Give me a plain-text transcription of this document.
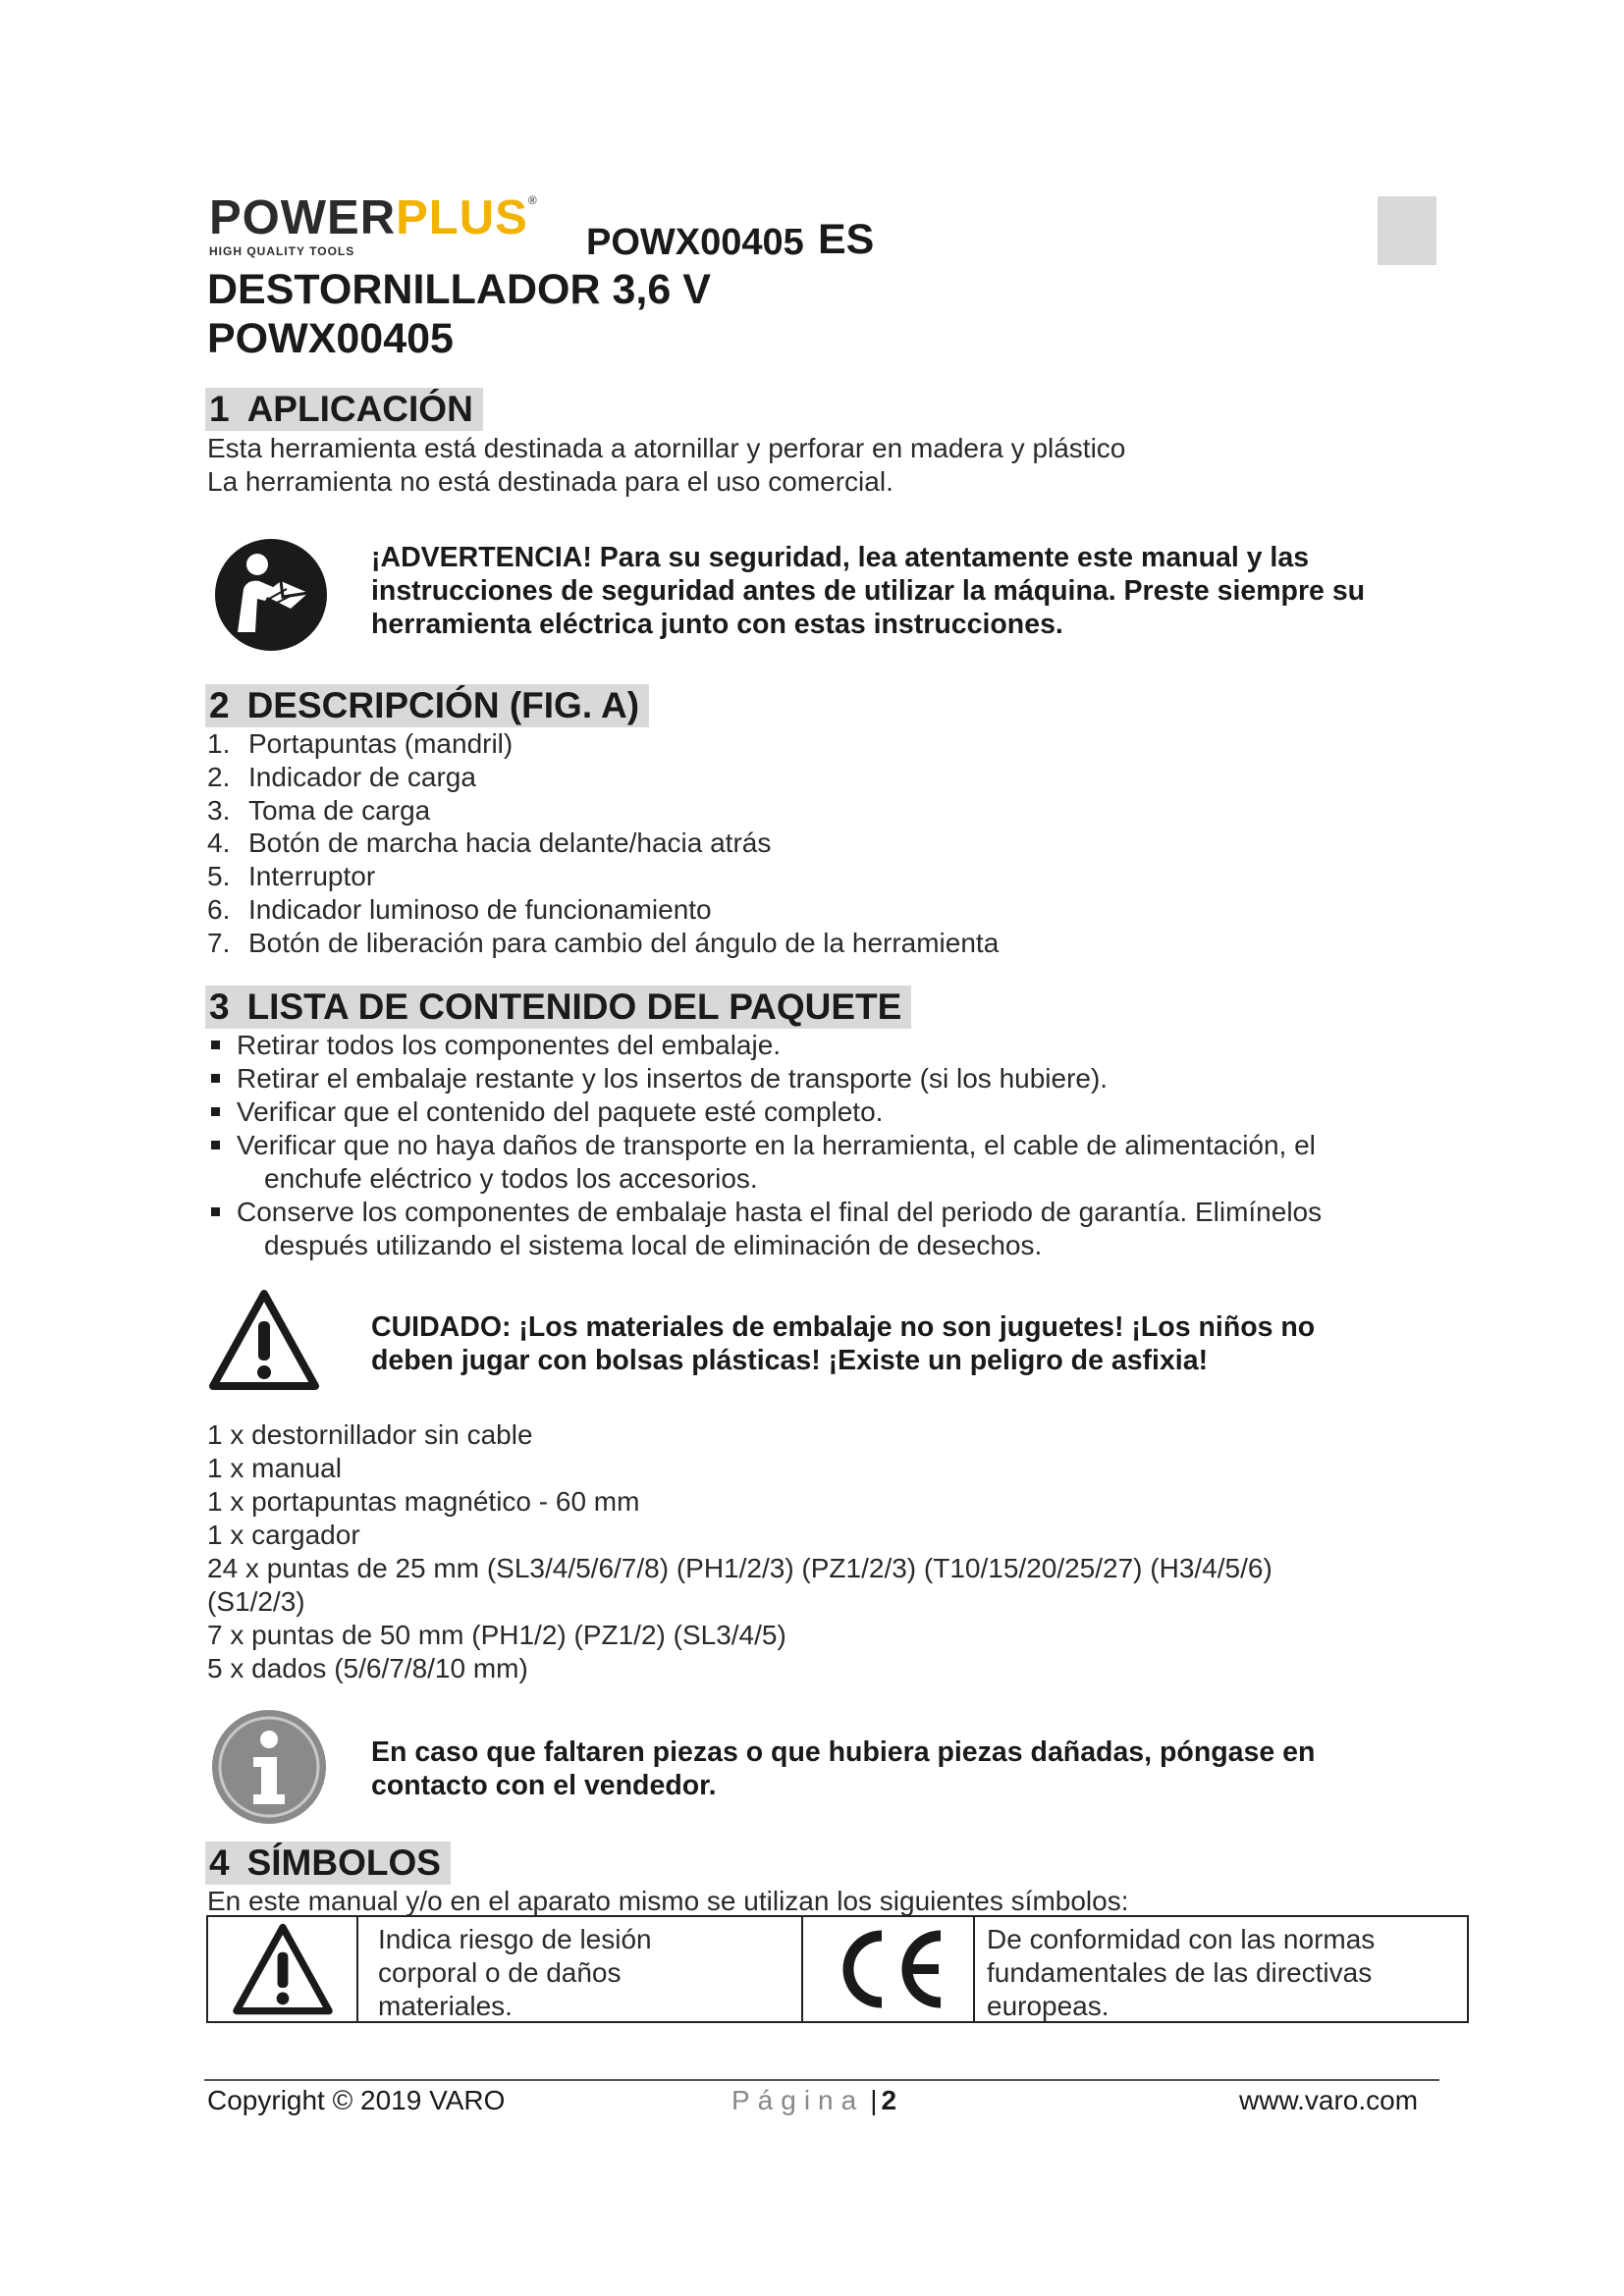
POWERPLUS®
HIGH QUALITY TOOLS	POWX00405 ES
DESTORNILLADOR 3,6 V
POWX00405
1 APLICACIÓN
Esta herramienta está destinada a atornillar y perforar en madera y plástico
La herramienta no está destinada para el uso comercial.
¡ADVERTENCIA! Para su seguridad, lea atentamente este manual y las
instrucciones de seguridad antes de utilizar la máquina. Preste siempre su
herramienta eléctrica junto con estas instrucciones.
2 DESCRIPCIÓN (FIG. A)
1. Portapuntas (mandril)
2. Indicador de carga
3. Toma de carga
4. Botón de marcha hacia delante/hacia atrás
5. Interruptor
6. Indicador luminoso de funcionamiento
7. Botón de liberación para cambio del ángulo de la herramienta
3 LISTA DE CONTENIDO DEL PAQUETE
Retirar todos los componentes del embalaje.
Retirar el embalaje restante y los insertos de transporte (si los hubiere).
Verificar que el contenido del paquete esté completo.
Verificar que no haya daños de transporte en la herramienta, el cable de alimentación, el
enchufe eléctrico y todos los accesorios.
Conserve los componentes de embalaje hasta el final del periodo de garantía. Elimínelos
después utilizando el sistema local de eliminación de desechos.
CUIDADO: ¡Los materiales de embalaje no son juguetes! ¡Los niños no
deben jugar con bolsas plásticas! ¡Existe un peligro de asfixia!
1 x destornillador sin cable
1 x manual
1 x portapuntas magnético - 60 mm
1 x cargador
24 x puntas de 25 mm (SL3/4/5/6/7/8) (PH1/2/3) (PZ1/2/3) (T10/15/20/25/27) (H3/4/5/6)
(S1/2/3)
7 x puntas de 50 mm (PH1/2) (PZ1/2) (SL3/4/5)
5 x dados (5/6/7/8/10 mm)
En caso que faltaren piezas o que hubiera piezas dañadas, póngase en
contacto con el vendedor.
4 SÍMBOLOS
En este manual y/o en el aparato mismo se utilizan los siguientes símbolos:
Indica riesgo de lesión
corporal o de daños
materiales.
De conformidad con las normas
fundamentales de las directivas
europeas.
Copyright © 2019 VARO	Página | 2	www.varo.com
